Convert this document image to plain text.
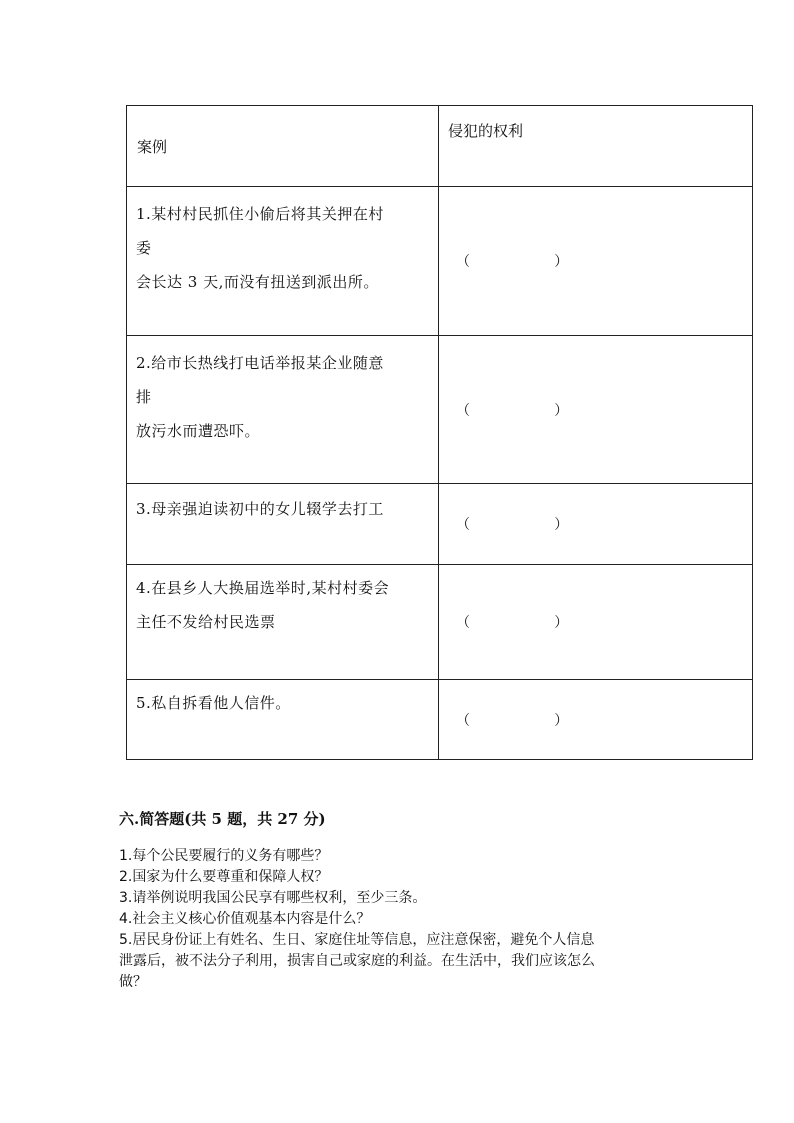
案例	侵犯的权利

1.某村村民抓住小偷后将其关押在村
委
会长达 3 天,而没有扭送到派出所。	（          ）

2.给市长热线打电话举报某企业随意
排
放污水而遭恐吓。	（          ）

3.母亲强迫读初中的女儿辍学去打工	（          ）

4.在县乡人大换届选举时,某村村委会
主任不发给村民选票	（          ）

5.私自拆看他人信件。	（          ）
六.简答题(共 5 题，共 27 分)
1.每个公民要履行的义务有哪些？
2.国家为什么要尊重和保障人权？
3.请举例说明我国公民享有哪些权利，至少三条。
4.社会主义核心价值观基本内容是什么？
5.居民身份证上有姓名、生日、家庭住址等信息，应注意保密，避免个人信息
泄露后，被不法分子利用，损害自己或家庭的利益。在生活中，我们应该怎么
做？
